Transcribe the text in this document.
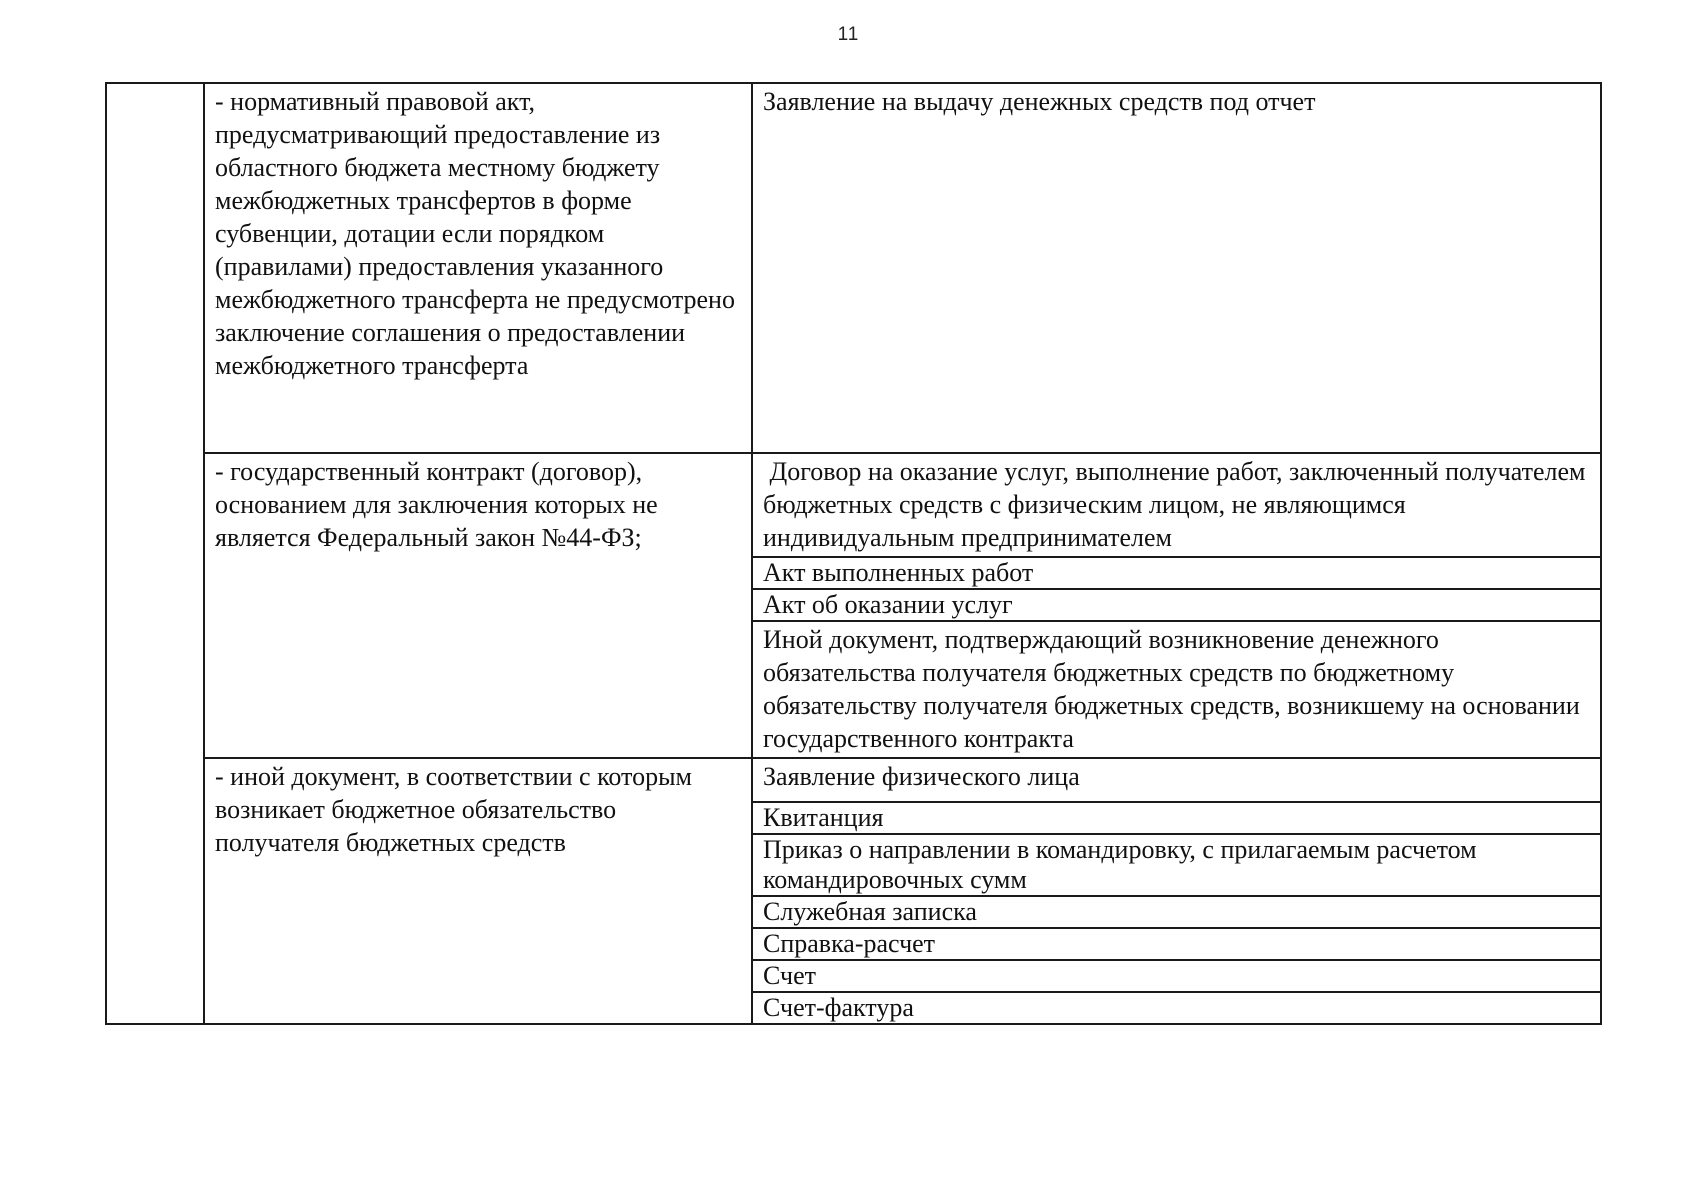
11
	- нормативный правовой акт, предусматривающий предоставление из областного бюджета местному бюджету межбюджетных трансфертов в форме субвенции, дотации если порядком (правилами) предоставления указанного межбюджетного трансферта не предусмотрено заключение соглашения о предоставлении межбюджетного трансферта	Заявление на выдачу денежных средств под отчет
	- государственный контракт (договор), основанием для заключения которых не является Федеральный закон №44-ФЗ;	Договор на оказание услуг, выполнение работ, заключенный получателем бюджетных средств с физическим лицом, не являющимся индивидуальным предпринимателем
		Акт выполненных работ
		Акт об оказании услуг
		Иной документ, подтверждающий возникновение денежного обязательства получателя бюджетных средств по бюджетному обязательству получателя бюджетных средств, возникшему на основании государственного контракта
	- иной документ, в соответствии с которым возникает бюджетное обязательство получателя бюджетных средств	Заявление физического лица
		Квитанция
		Приказ о направлении в командировку, с прилагаемым расчетом командировочных сумм
		Служебная записка
		Справка-расчет
		Счет
		Счет-фактура
